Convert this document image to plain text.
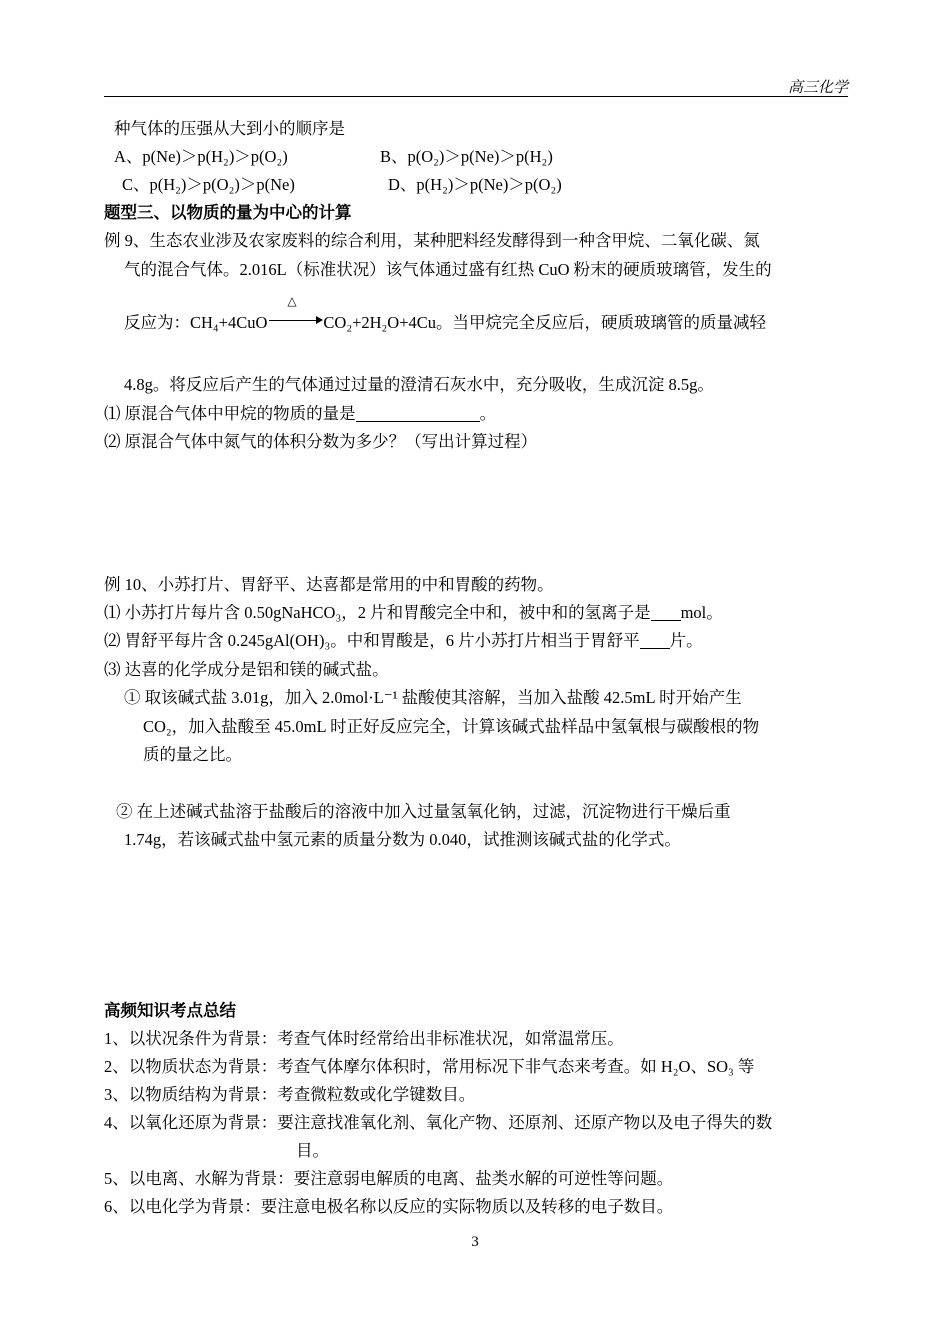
高三化学
种气体的压强从大到小的顺序是
A、p(Ne)＞p(H₂)＞p(O₂)	B、p(O₂)＞p(Ne)＞p(H₂)
C、p(H₂)＞p(O₂)＞p(Ne)	D、p(H₂)＞p(Ne)＞p(O₂)
题型三、以物质的量为中心的计算
例 9、生态农业涉及农家废料的综合利用，某种肥料经发酵得到一种含甲烷、二氧化碳、氮
气的混合气体。2.016L（标准状况）该气体通过盛有红热 CuO 粉末的硬质玻璃管，发生的
反应为：CH₄+4CuO
△
CO₂+2H₂O+4Cu。当甲烷完全反应后，硬质玻璃管的质量减轻
4.8g。将反应后产生的气体通过过量的澄清石灰水中，充分吸收，生成沉淀 8.5g。
⑴ 原混合气体中甲烷的物质的量是	。
⑵ 原混合气体中氮气的体积分数为多少？（写出计算过程）
例 10、小苏打片、胃舒平、达喜都是常用的中和胃酸的药物。
⑴ 小苏打片每片含 0.50gNaHCO₃，2 片和胃酸完全中和，被中和的氢离子是 mol。
⑵ 胃舒平每片含 0.245gAl(OH)₃。中和胃酸是，6 片小苏打片相当于胃舒平 片。
⑶ 达喜的化学成分是铝和镁的碱式盐。
① 取该碱式盐 3.01g，加入 2.0mol·L⁻¹ 盐酸使其溶解，当加入盐酸 42.5mL 时开始产生
CO₂，加入盐酸至 45.0mL 时正好反应完全，计算该碱式盐样品中氢氧根与碳酸根的物
质的量之比。
② 在上述碱式盐溶于盐酸后的溶液中加入过量氢氧化钠，过滤，沉淀物进行干燥后重
1.74g，若该碱式盐中氢元素的质量分数为 0.040，试推测该碱式盐的化学式。
高频知识考点总结
1、以状况条件为背景：考查气体时经常给出非标准状况，如常温常压。
2、以物质状态为背景：考查气体摩尔体积时，常用标况下非气态来考查。如 H₂O、SO₃ 等
3、以物质结构为背景：考查微粒数或化学键数目。
4、以氧化还原为背景：要注意找准氧化剂、氧化产物、还原剂、还原产物以及电子得失的数
目。
5、以电离、水解为背景：要注意弱电解质的电离、盐类水解的可逆性等问题。
6、以电化学为背景：要注意电极名称以反应的实际物质以及转移的电子数目。
3
